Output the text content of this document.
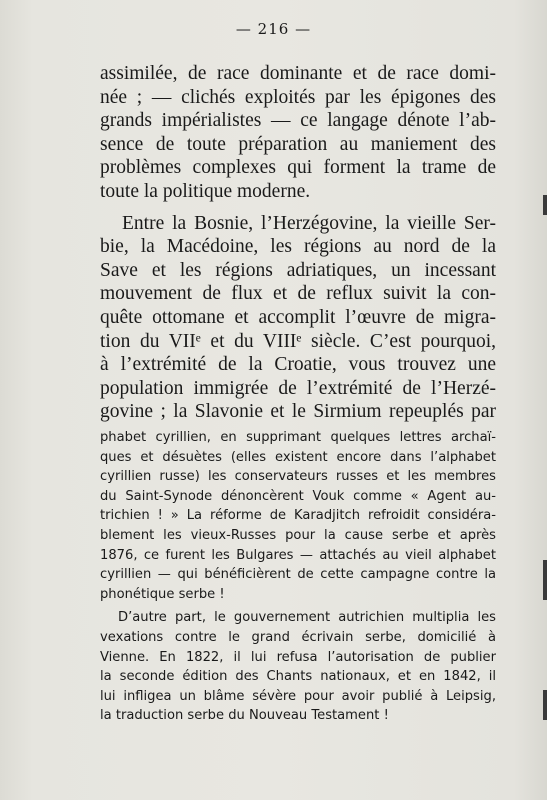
— 216 —
assimilée, de race dominante et de race domi-
née ; — clichés exploités par les épigones des
grands impérialistes — ce langage dénote l’ab-
sence de toute préparation au maniement des
problèmes complexes qui forment la trame de
toute la politique moderne.
Entre la Bosnie, l’Herzégovine, la vieille Ser-
bie, la Macédoine, les régions au nord de la
Save et les régions adriatiques, un incessant
mouvement de flux et de reflux suivit la con-
quête ottomane et accomplit l’œuvre de migra-
tion du VIIᵉ et du VIIIᵉ siècle. C’est pourquoi,
à l’extrémité de la Croatie, vous trouvez une
population immigrée de l’extrémité de l’Herzé-
govine ; la Slavonie et le Sirmium repeuplés par
phabet cyrillien, en supprimant quelques lettres archaï-
ques et désuètes (elles existent encore dans l’alphabet
cyrillien russe) les conservateurs russes et les membres
du Saint-Synode dénoncèrent Vouk comme « Agent au-
trichien ! » La réforme de Karadjitch refroidit considéra-
blement les vieux-Russes pour la cause serbe et après
1876, ce furent les Bulgares — attachés au vieil alphabet
cyrillien — qui bénéficièrent de cette campagne contre la
phonétique serbe !
D’autre part, le gouvernement autrichien multiplia les
vexations contre le grand écrivain serbe, domicilié à
Vienne. En 1822, il lui refusa l’autorisation de publier
la seconde édition des Chants nationaux, et en 1842, il
lui infligea un blâme sévère pour avoir publié à Leipsig,
la traduction serbe du Nouveau Testament !
